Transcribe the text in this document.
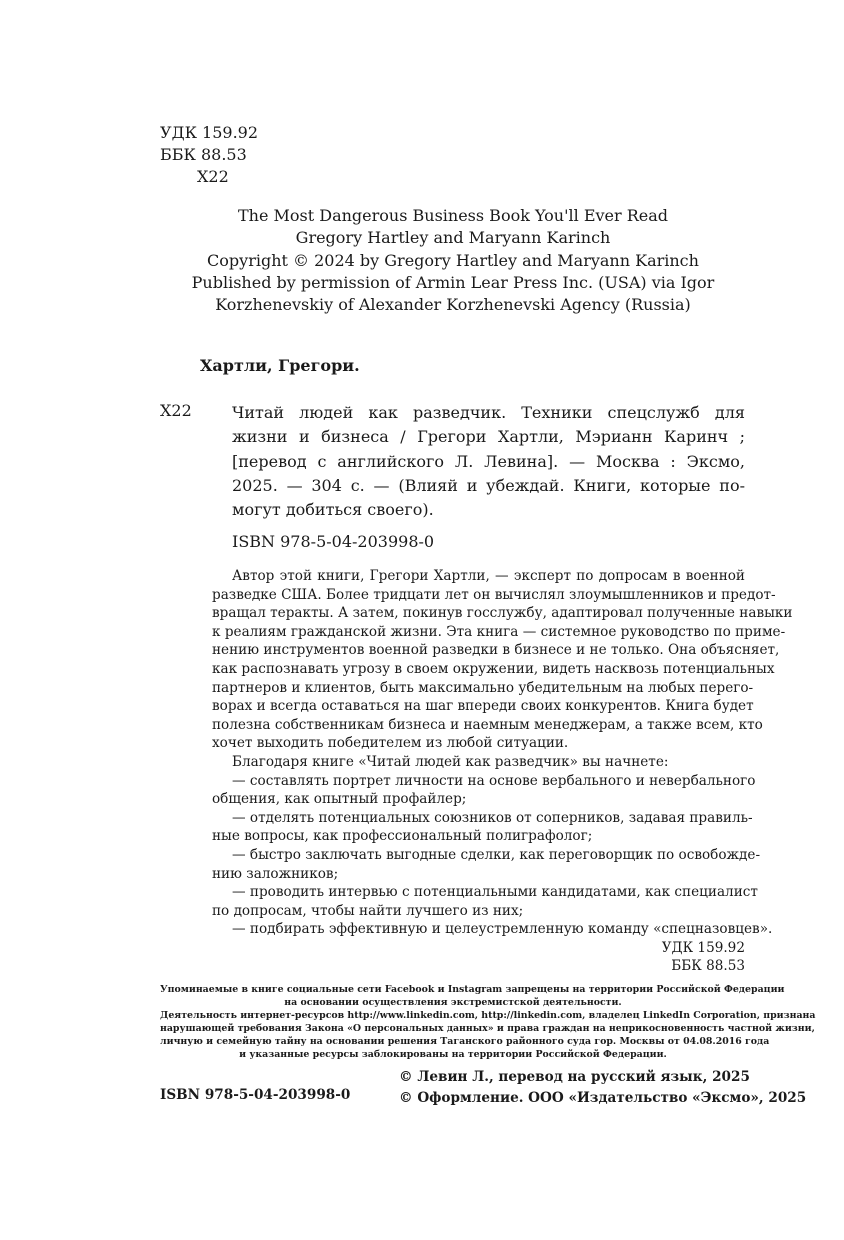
УДК 159.92
ББК 88.53
Х22
The Most Dangerous Business Book You'll Ever Read
Gregory Hartley and Maryann Karinch
Copyright © 2024 by Gregory Hartley and Maryann Karinch
Published by permission of Armin Lear Press Inc. (USA) via Igor
Korzhenevskiy of Alexander Korzhenevski Agency (Russia)
Хартли, Грегори.
Х22	Читай людей как разведчик. Техники спецслужб для
жизни и бизнеса / Грегори Хартли, Мэрианн Каринч ;
[перевод с английского Л. Левина]. — Москва : Эксмо,
2025. — 304 с. — (Влияй и убеждай. Книги, которые по-
могут добиться своего).
ISBN 978-5-04-203998-0
Автор этой книги, Грегори Хартли, — эксперт по допросам в военной
разведке США. Более тридцати лет он вычислял злоумышленников и предот-
вращал теракты. А затем, покинув госслужбу, адаптировал полученные навыки
к реалиям гражданской жизни. Эта книга — системное руководство по приме-
нению инструментов военной разведки в бизнесе и не только. Она объясняет,
как распознавать угрозу в своем окружении, видеть насквозь потенциальных
партнеров и клиентов, быть максимально убедительным на любых перего-
ворах и всегда оставаться на шаг впереди своих конкурентов. Книга будет
полезна собственникам бизнеса и наемным менеджерам, а также всем, кто
хочет выходить победителем из любой ситуации.
Благодаря книге «Читай людей как разведчик» вы начнете:
— составлять портрет личности на основе вербального и невербального
общения, как опытный профайлер;
— отделять потенциальных союзников от соперников, задавая правиль-
ные вопросы, как профессиональный полиграфолог;
— быстро заключать выгодные сделки, как переговорщик по освобожде-
нию заложников;
— проводить интервью с потенциальными кандидатами, как специалист
по допросам, чтобы найти лучшего из них;
— подбирать эффективную и целеустремленную команду «спецназовцев».
УДК 159.92
ББК 88.53
Упоминаемые в книге социальные сети Facebook и Instagram запрещены на территории Российской Федерации
на основании осуществления экстремистской деятельности.
Деятельность интернет-ресурсов http://www.linkedin.com, http://linkedin.com, владелец LinkedIn Corporation, признана
нарушающей требования Закона «О персональных данных» и права граждан на неприкосновенность частной жизни,
личную и семейную тайну на основании решения Таганского районного суда гор. Москвы от 04.08.2016 года
и указанные ресурсы заблокированы на территории Российской Федерации.
ISBN 978-5-04-203998-0
© Левин Л., перевод на русский язык, 2025
© Оформление. ООО «Издательство «Эксмо», 2025
